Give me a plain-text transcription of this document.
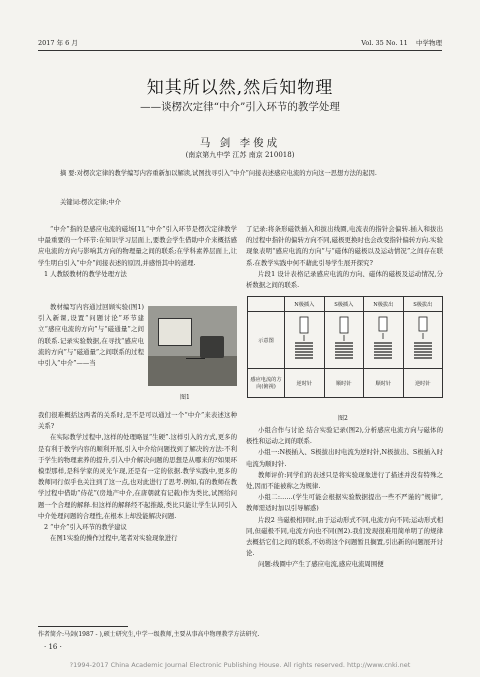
2017 年 6 月	Vol. 35 No. 11 中学物理
知其所以然,然后知物理
——谈楞次定律“中介”引入环节的教学处理
马 剑 李俊成
(南京第九中学 江苏 南京 210018)
摘 要:对楞次定律的教学编写内容重新加以解读,试图找寻引入“中介”问接表述感应电流的方向这一思想方法的起因.
关键词:楞次定律;中介

“中介”指的是感应电流的磁场[1],“中介”引入环节是楞次定律教学中最重要的一个环节:在知识学习层面上,要教会学生借助中介来概括感应电流的方向与影响其方向的物理量之间的联系;在学科素养层面上,让学生明白引入“中介”间接表述的原因,并感悟其中的道理.

1 人教版教材的教学处理方法

教材编写内容通过回顾实验(图1)引入新课,设置“问题讨论”环节建立“感应电流的方向”与“磁通量”之间的联系.记录实验数据,在寻找“感应电流的方向”与“磁通量”之间联系的过程中引入“中介”——当

图1

我们很难概括这两者的关系时,是不是可以通过一个“中介”来表述这种关系?

在实际教学过程中,这样的处理略显“生硬”.这样引入的方式,更多的是有利于教学内容的顺利开展,引入中介给问题找到了解决的方法:不利于学生的物理素养的提升,引入中介解决问题的思想是从哪来的?如果环模型那样,是科学家的灵光乍现,还是有一定的依据.教学实践中,更多的教师同行似乎也关注到了这一点,也对此进行了思考.例如,有的教师在教学过程中借助“侍花”(房地产中介,在唐朝就有记载)作为类比,试图给问题一个合理的解释.但这样的解释经不起推敲,类比只能让学生认同引入中介处理问题的合理性,在根本上却没能解决问题.

2 “中介”引入环节的教学建议

在图1实验的操作过程中,笔者对实验现象进行

了记录:将条形磁铁插入和拔出线圈,电流表的指针会偏转.插入和拔出的过程中指针的偏转方向不同,磁极更换时也会改变指针偏转方向.实验现象表明“感应电流的方向”与“磁体的磁极以及运动情况”之间存在联系.在教学实践中何不藉此引导学生展开探究?

片段1 设计表格记录感应电流的方向、磁体的磁极及运动情况,分析数据之间的联系.

	N极插入	S极插入	N极拔出	S极拔出
示意图	

感应电流的方向(俯视)	逆时针	顺时针	顺时针	逆时针
图2

小组合作与讨论 结合实验记录(图2),分析感应电流方向与磁体的极性和运动之间的联系.

小组一:N极插入、S极拔出时电流为逆时针,N极拔出、S极插入时电流为顺时针.

教师评价:同学们的表述只是将实验现象进行了描述并没有特殊之处,因而不能被称之为规律.

小组二:……(学生可能会根据实验数据提出一些不严谨的“规律”,教师需适时加以引导解惑)

片段2 当磁极相同时,由于运动形式不同,电流方向不同;运动形式相同,但磁极不同,电流方向也不同(图2).我们发现很难用简单明了的规律去概括它们之间的联系,不妨将这个问题暂且搁置,引出新的问题展开讨论.

问题:线圈中产生了感应电流,感应电流周围便

作者简介:马剑(1987 - ),硕士研究生,中学一级教师,主要从事高中物理教学方法研究.
· 16 ·
?1994-2017 China Academic Journal Electronic Publishing House. All rights reserved. http://www.cnki.net
